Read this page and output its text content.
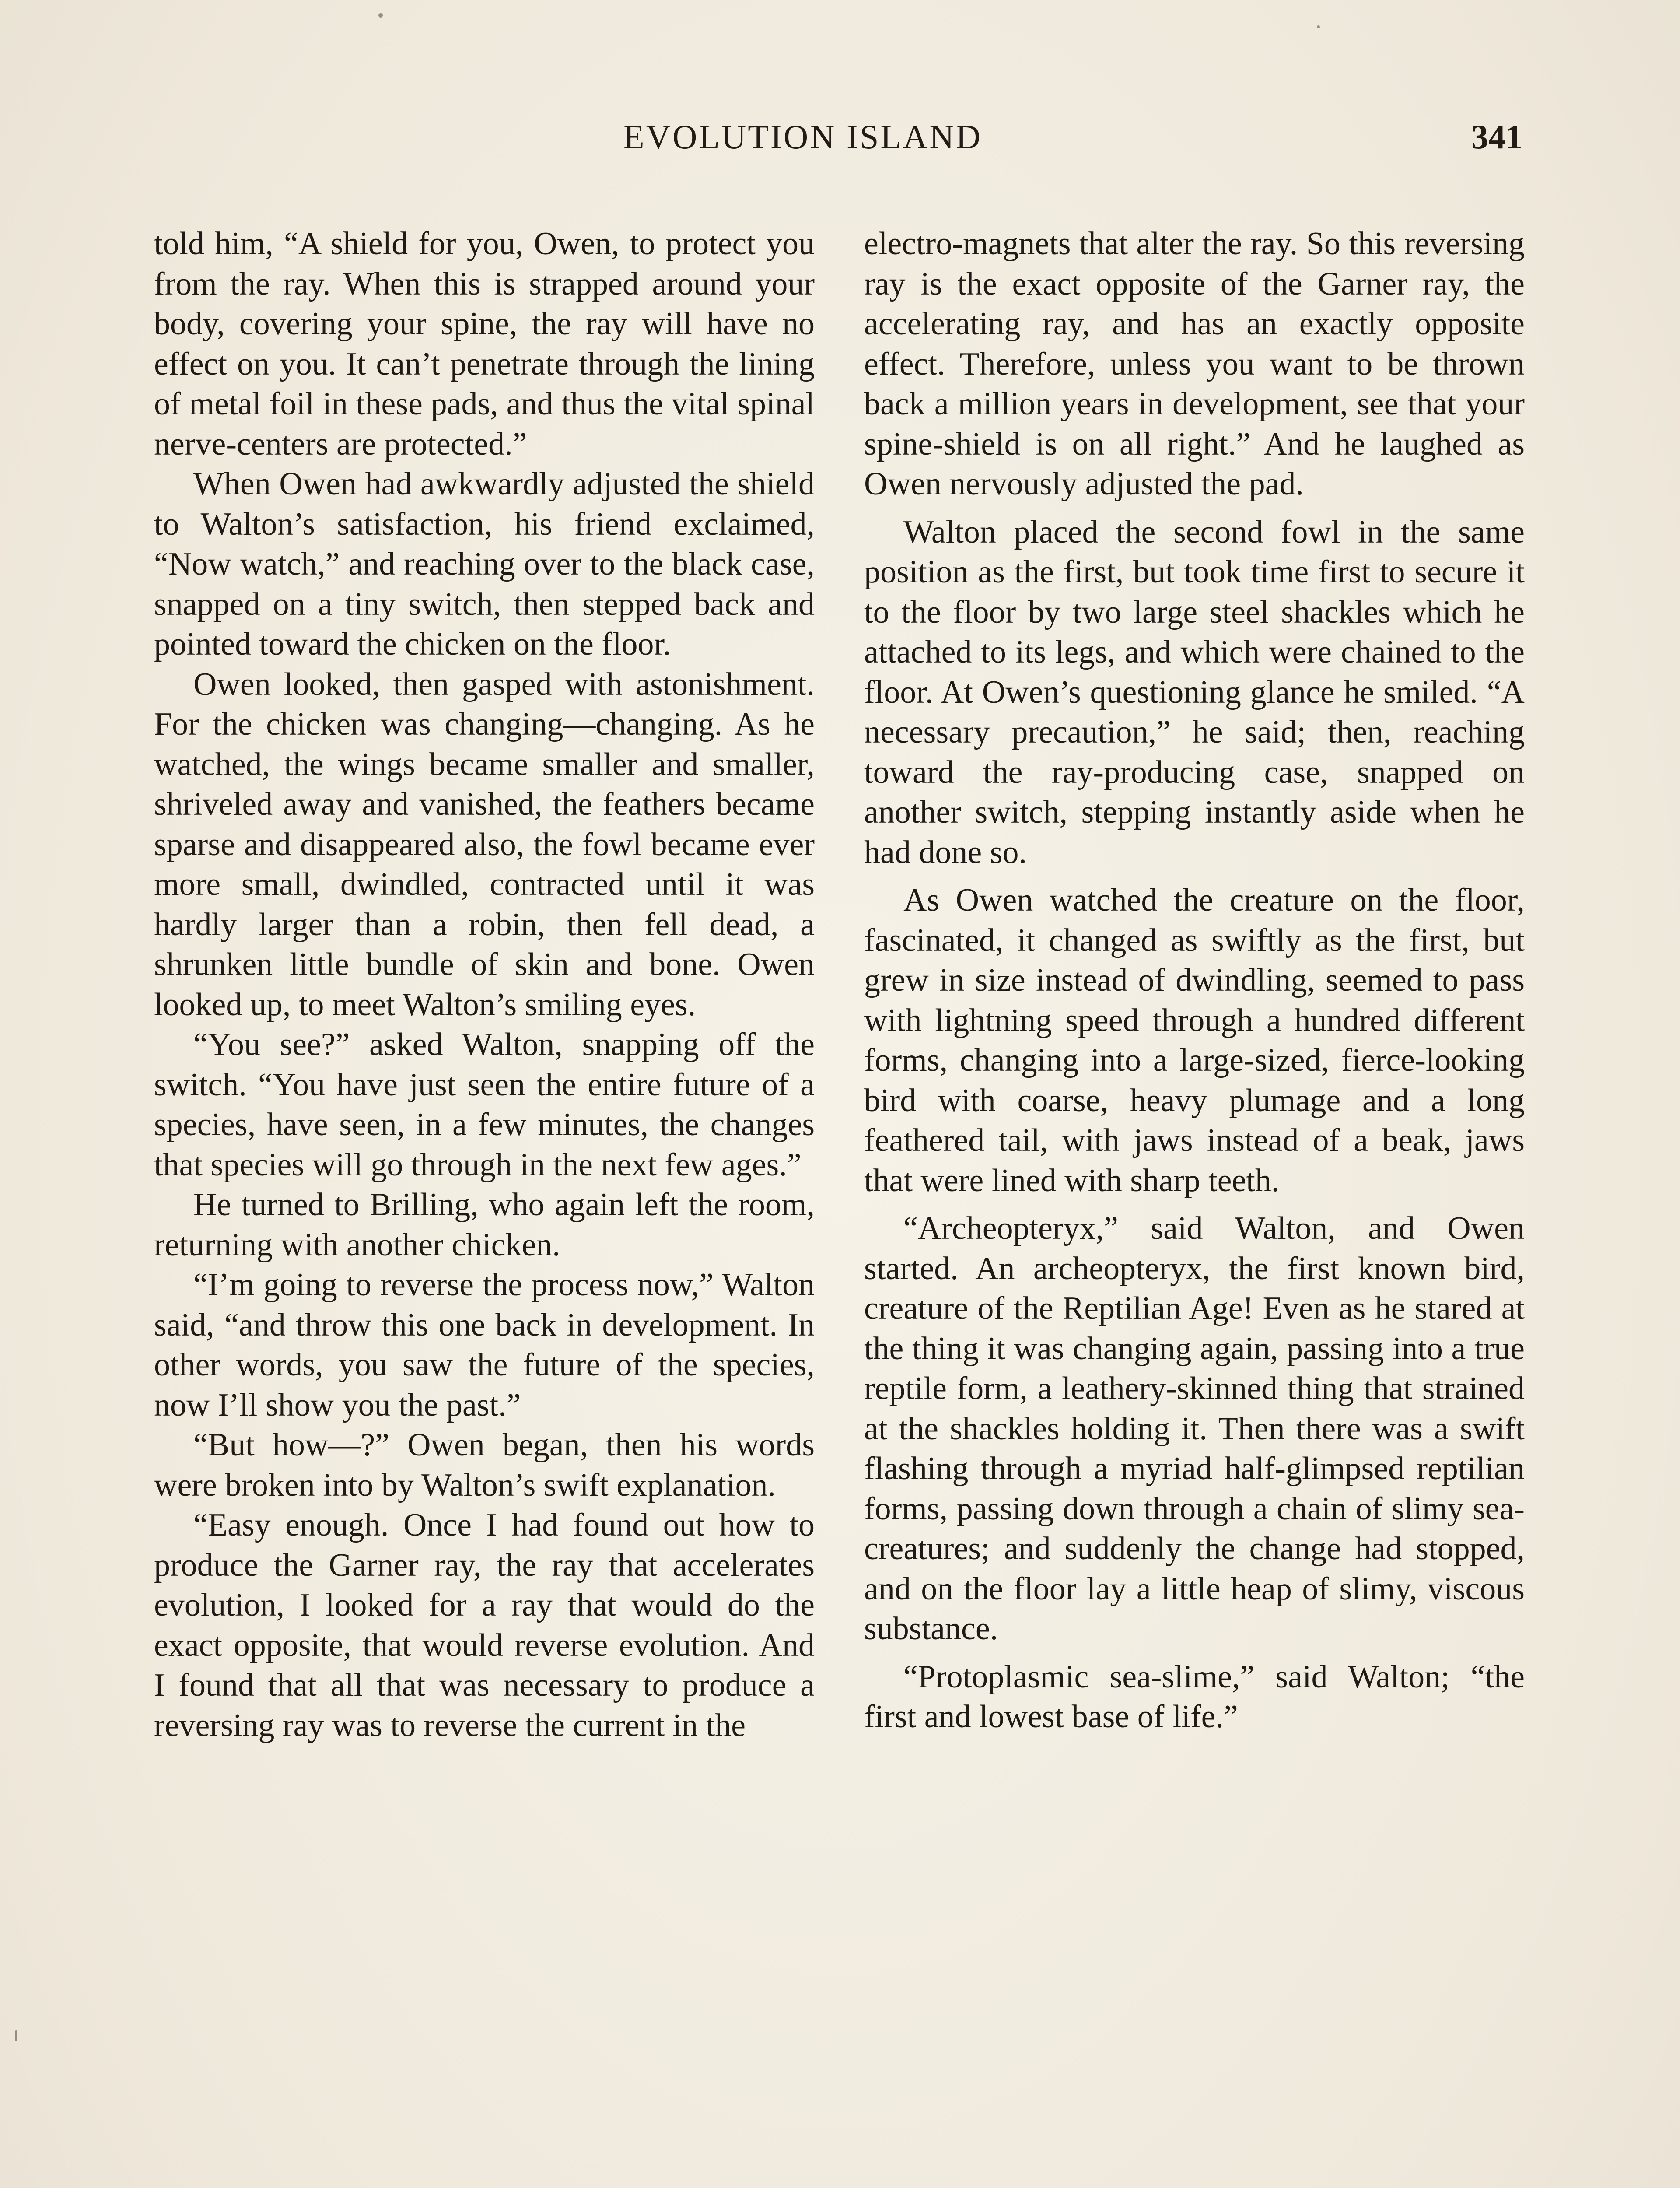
EVOLUTION ISLAND	341

told him, “A shield for you, Owen, to protect you from the ray. When this is strapped around your body, covering your spine, the ray will have no effect on you. It can’t penetrate through the lining of metal foil in these pads, and thus the vital spinal nerve-centers are protected.”

When Owen had awkwardly adjusted the shield to Walton’s satisfaction, his friend exclaimed, “Now watch,” and reaching over to the black case, snapped on a tiny switch, then stepped back and pointed toward the chicken on the floor.

Owen looked, then gasped with astonishment. For the chicken was changing—changing. As he watched, the wings became smaller and smaller, shriveled away and vanished, the feathers became sparse and disappeared also, the fowl became ever more small, dwindled, contracted until it was hardly larger than a robin, then fell dead, a shrunken little bundle of skin and bone. Owen looked up, to meet Walton’s smiling eyes.

“You see?” asked Walton, snapping off the switch. “You have just seen the entire future of a species, have seen, in a few minutes, the changes that species will go through in the next few ages.”

He turned to Brilling, who again left the room, returning with another chicken.

“I’m going to reverse the process now,” Walton said, “and throw this one back in development. In other words, you saw the future of the species, now I’ll show you the past.”

“But how—?” Owen began, then his words were broken into by Walton’s swift explanation.

“Easy enough. Once I had found out how to produce the Garner ray, the ray that accelerates evolution, I looked for a ray that would do the exact opposite, that would reverse evolution. And I found that all that was necessary to produce a reversing ray was to reverse the current in the

electro-magnets that alter the ray. So this reversing ray is the exact opposite of the Garner ray, the accelerating ray, and has an exactly opposite effect. Therefore, unless you want to be thrown back a million years in development, see that your spine-shield is on all right.” And he laughed as Owen nervously adjusted the pad.

Walton placed the second fowl in the same position as the first, but took time first to secure it to the floor by two large steel shackles which he attached to its legs, and which were chained to the floor. At Owen’s questioning glance he smiled. “A necessary precaution,” he said; then, reaching toward the ray-producing case, snapped on another switch, stepping instantly aside when he had done so.

As Owen watched the creature on the floor, fascinated, it changed as swiftly as the first, but grew in size instead of dwindling, seemed to pass with lightning speed through a hundred different forms, changing into a large-sized, fierce-looking bird with coarse, heavy plumage and a long feathered tail, with jaws instead of a beak, jaws that were lined with sharp teeth.

“Archeopteryx,” said Walton, and Owen started. An archeopteryx, the first known bird, creature of the Reptilian Age! Even as he stared at the thing it was changing again, passing into a true reptile form, a leathery-skinned thing that strained at the shackles holding it. Then there was a swift flashing through a myriad half-glimpsed reptilian forms, passing down through a chain of slimy sea-creatures; and suddenly the change had stopped, and on the floor lay a little heap of slimy, viscous substance.

“Protoplasmic sea-slime,” said Walton; “the first and lowest base of life.”
